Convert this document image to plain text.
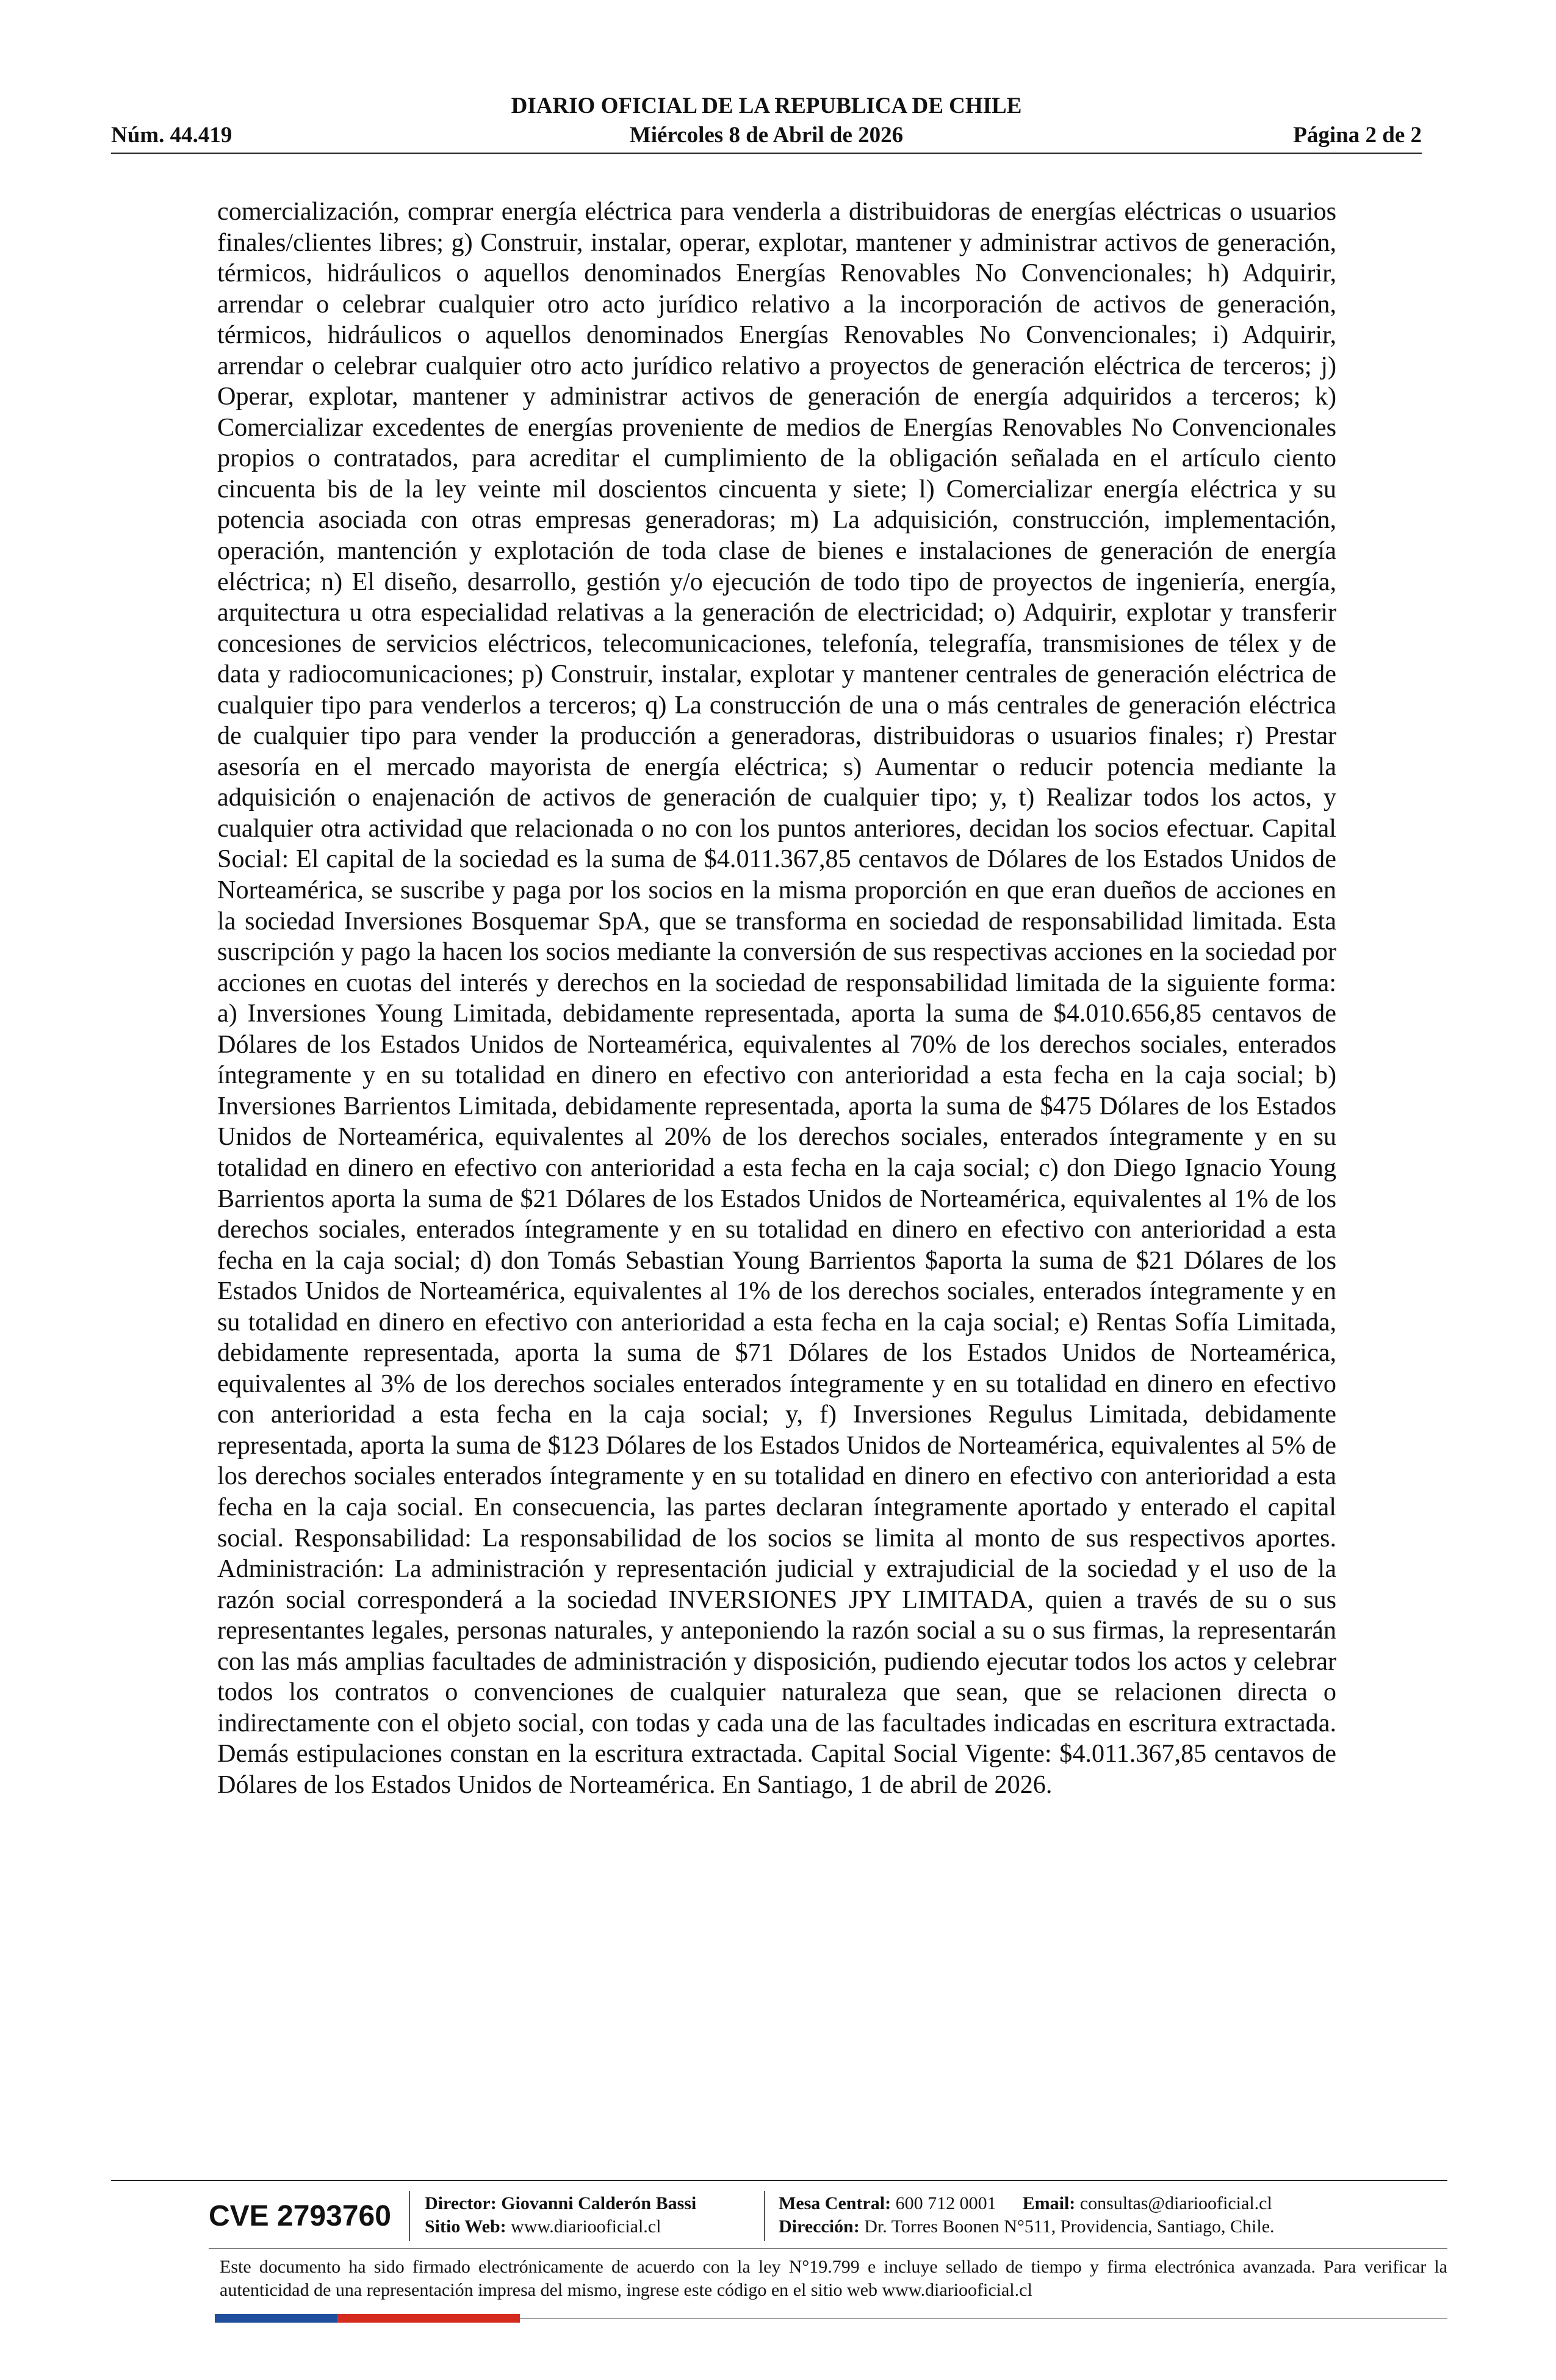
DIARIO OFICIAL DE LA REPUBLICA DE CHILE
Núm. 44.419	Miércoles 8 de Abril de 2026	Página 2 de 2

comercialización, comprar energía eléctrica para venderla a distribuidoras de energías eléctricas o usuarios finales/clientes libres; g) Construir, instalar, operar, explotar, mantener y administrar activos de generación, térmicos, hidráulicos o aquellos denominados Energías Renovables No Convencionales; h) Adquirir, arrendar o celebrar cualquier otro acto jurídico relativo a la incorporación de activos de generación, térmicos, hidráulicos o aquellos denominados Energías Renovables No Convencionales; i) Adquirir, arrendar o celebrar cualquier otro acto jurídico relativo a proyectos de generación eléctrica de terceros; j) Operar, explotar, mantener y administrar activos de generación de energía adquiridos a terceros; k) Comercializar excedentes de energías proveniente de medios de Energías Renovables No Convencionales propios o contratados, para acreditar el cumplimiento de la obligación señalada en el artículo ciento cincuenta bis de la ley veinte mil doscientos cincuenta y siete; l) Comercializar energía eléctrica y su potencia asociada con otras empresas generadoras; m) La adquisición, construcción, implementación, operación, mantención y explotación de toda clase de bienes e instalaciones de generación de energía eléctrica; n) El diseño, desarrollo, gestión y/o ejecución de todo tipo de proyectos de ingeniería, energía, arquitectura u otra especialidad relativas a la generación de electricidad; o) Adquirir, explotar y transferir concesiones de servicios eléctricos, telecomunicaciones, telefonía, telegrafía, transmisiones de télex y de data y radiocomunicaciones; p) Construir, instalar, explotar y mantener centrales de generación eléctrica de cualquier tipo para venderlos a terceros; q) La construcción de una o más centrales de generación eléctrica de cualquier tipo para vender la producción a generadoras, distribuidoras o usuarios finales; r) Prestar asesoría en el mercado mayorista de energía eléctrica; s) Aumentar o reducir potencia mediante la adquisición o enajenación de activos de generación de cualquier tipo; y, t) Realizar todos los actos, y cualquier otra actividad que relacionada o no con los puntos anteriores, decidan los socios efectuar. Capital Social: El capital de la sociedad es la suma de $4.011.367,85 centavos de Dólares de los Estados Unidos de Norteamérica, se suscribe y paga por los socios en la misma proporción en que eran dueños de acciones en la sociedad Inversiones Bosquemar SpA, que se transforma en sociedad de responsabilidad limitada. Esta suscripción y pago la hacen los socios mediante la conversión de sus respectivas acciones en la sociedad por acciones en cuotas del interés y derechos en la sociedad de responsabilidad limitada de la siguiente forma: a) Inversiones Young Limitada, debidamente representada, aporta la suma de $4.010.656,85 centavos de Dólares de los Estados Unidos de Norteamérica, equivalentes al 70% de los derechos sociales, enterados íntegramente y en su totalidad en dinero en efectivo con anterioridad a esta fecha en la caja social; b) Inversiones Barrientos Limitada, debidamente representada, aporta la suma de $475 Dólares de los Estados Unidos de Norteamérica, equivalentes al 20% de los derechos sociales, enterados íntegramente y en su totalidad en dinero en efectivo con anterioridad a esta fecha en la caja social; c) don Diego Ignacio Young Barrientos aporta la suma de $21 Dólares de los Estados Unidos de Norteamérica, equivalentes al 1% de los derechos sociales, enterados íntegramente y en su totalidad en dinero en efectivo con anterioridad a esta fecha en la caja social; d) don Tomás Sebastian Young Barrientos $aporta la suma de $21 Dólares de los Estados Unidos de Norteamérica, equivalentes al 1% de los derechos sociales, enterados íntegramente y en su totalidad en dinero en efectivo con anterioridad a esta fecha en la caja social; e) Rentas Sofía Limitada, debidamente representada, aporta la suma de $71 Dólares de los Estados Unidos de Norteamérica, equivalentes al 3% de los derechos sociales enterados íntegramente y en su totalidad en dinero en efectivo con anterioridad a esta fecha en la caja social; y, f) Inversiones Regulus Limitada, debidamente representada, aporta la suma de $123 Dólares de los Estados Unidos de Norteamérica, equivalentes al 5% de los derechos sociales enterados íntegramente y en su totalidad en dinero en efectivo con anterioridad a esta fecha en la caja social. En consecuencia, las partes declaran íntegramente aportado y enterado el capital social. Responsabilidad: La responsabilidad de los socios se limita al monto de sus respectivos aportes. Administración: La administración y representación judicial y extrajudicial de la sociedad y el uso de la razón social corresponderá a la sociedad INVERSIONES JPY LIMITADA, quien a través de su o sus representantes legales, personas naturales, y anteponiendo la razón social a su o sus firmas, la representarán con las más amplias facultades de administración y disposición, pudiendo ejecutar todos los actos y celebrar todos los contratos o convenciones de cualquier naturaleza que sean, que se relacionen directa o indirectamente con el objeto social, con todas y cada una de las facultades indicadas en escritura extractada. Demás estipulaciones constan en la escritura extractada. Capital Social Vigente: $4.011.367,85 centavos de Dólares de los Estados Unidos de Norteamérica. En Santiago, 1 de abril de 2026.

CVE 2793760 Director: Giovanni Calderón Bassi
Sitio Web: www.diariooficial.cl
Mesa Central: 600 712 0001 Email: consultas@diariooficial.cl
Dirección: Dr. Torres Boonen N°511, Providencia, Santiago, Chile.

Este documento ha sido firmado electrónicamente de acuerdo con la ley N°19.799 e incluye sellado de tiempo y firma electrónica avanzada. Para verificar la autenticidad de una representación impresa del mismo, ingrese este código en el sitio web www.diariooficial.cl
